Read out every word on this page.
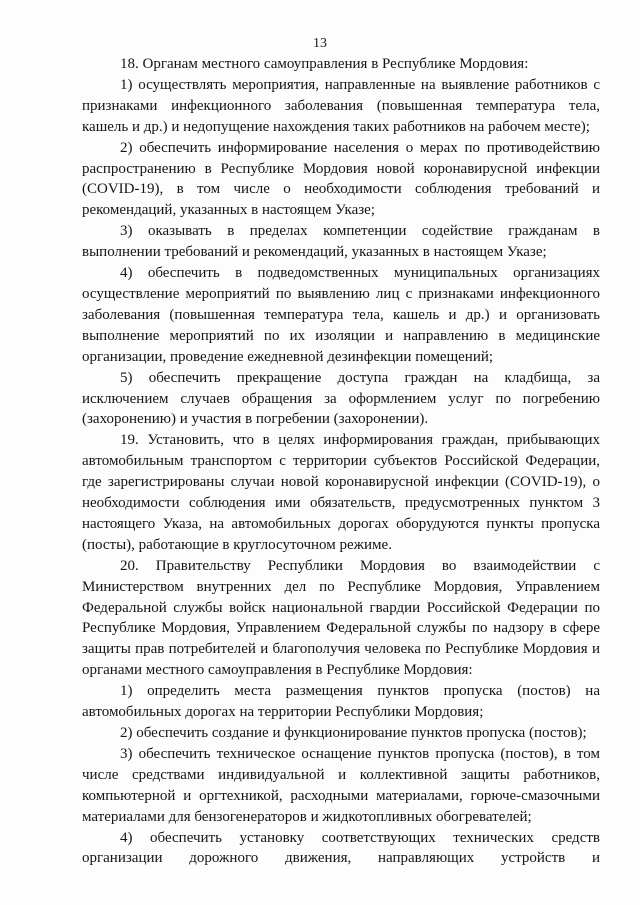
13

18. Органам местного самоуправления в Республике Мордовия:

1) осуществлять мероприятия, направленные на выявление работников с признаками инфекционного заболевания (повышенная температура тела, кашель и др.) и недопущение нахождения таких работников на рабочем месте);

2) обеспечить информирование населения о мерах по противодействию распространению в Республике Мордовия новой коронавирусной инфекции (COVID-19), в том числе о необходимости соблюдения требований и рекомендаций, указанных в настоящем Указе;

3) оказывать в пределах компетенции содействие гражданам в выполнении требований и рекомендаций, указанных в настоящем Указе;

4) обеспечить в подведомственных муниципальных организациях осуществление мероприятий по выявлению лиц с признаками инфекционного заболевания (повышенная температура тела, кашель и др.) и организовать выполнение мероприятий по их изоляции и направлению в медицинские организации, проведение ежедневной дезинфекции помещений;

5) обеспечить прекращение доступа граждан на кладбища, за исключением случаев обращения за оформлением услуг по погребению (захоронению) и участия в погребении (захоронении).

19. Установить, что в целях информирования граждан, прибывающих автомобильным транспортом с территории субъектов Российской Федерации, где зарегистрированы случаи новой коронавирусной инфекции (COVID-19), о необходимости соблюдения ими обязательств, предусмотренных пунктом 3 настоящего Указа, на автомобильных дорогах оборудуются пункты пропуска (посты), работающие в круглосуточном режиме.

20. Правительству Республики Мордовия во взаимодействии с Министерством внутренних дел по Республике Мордовия, Управлением Федеральной службы войск национальной гвардии Российской Федерации по Республике Мордовия, Управлением Федеральной службы по надзору в сфере защиты прав потребителей и благополучия человека по Республике Мордовия и органами местного самоуправления в Республике Мордовия:

1) определить места размещения пунктов пропуска (постов) на автомобильных дорогах на территории Республики Мордовия;

2) обеспечить создание и функционирование пунктов пропуска (постов);

3) обеспечить техническое оснащение пунктов пропуска (постов), в том числе средствами индивидуальной и коллективной защиты работников, компьютерной и оргтехникой, расходными материалами, горюче-смазочными материалами для бензогенераторов и жидкотопливных обогревателей;

4) обеспечить установку соответствующих технических средств организации дорожного движения, направляющих устройств и
